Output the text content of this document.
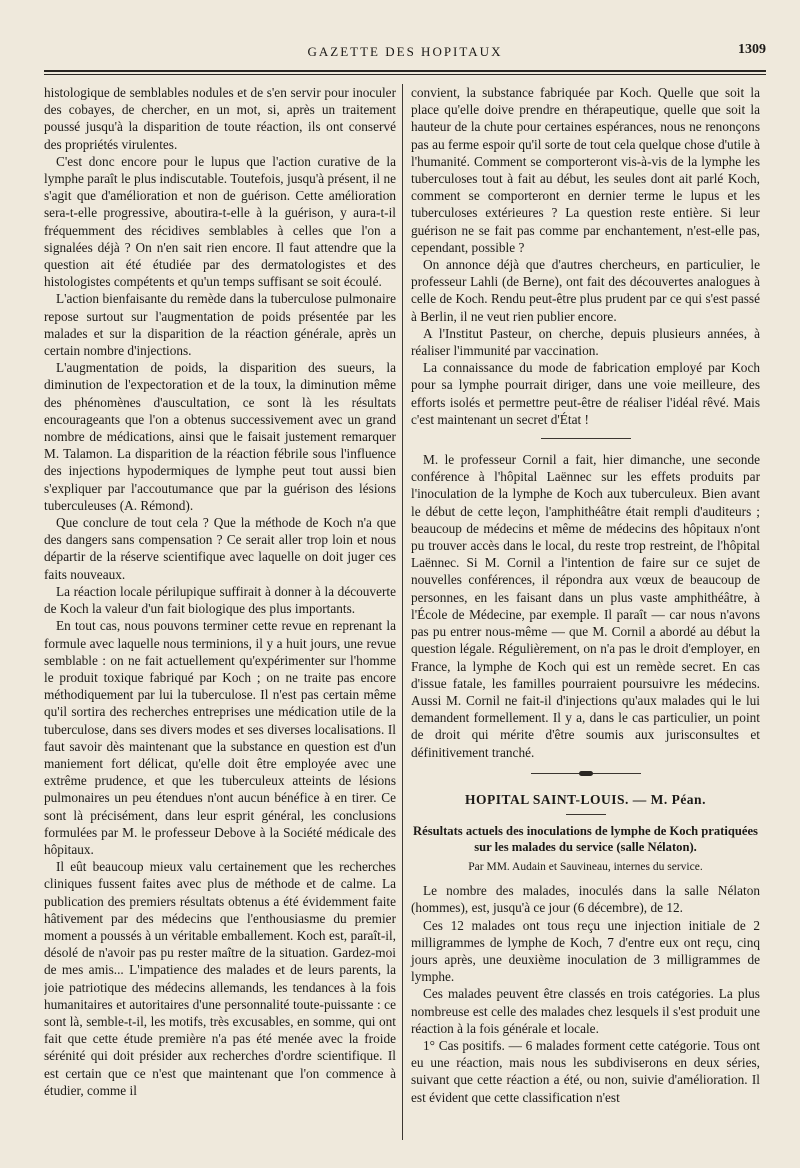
GAZETTE DES HOPITAUX	1309

histologique de semblables nodules et de s'en servir pour inoculer des cobayes, de chercher, en un mot, si, après un traitement poussé jusqu'à la disparition de toute réaction, ils ont conservé des propriétés virulentes.

C'est donc encore pour le lupus que l'action curative de la lymphe paraît le plus indiscutable. Toutefois, jusqu'à présent, il ne s'agit que d'amélioration et non de guérison. Cette amélioration sera-t-elle progressive, aboutira-t-elle à la guérison, y aura-t-il fréquemment des récidives semblables à celles que l'on a signalées déjà ? On n'en sait rien encore. Il faut attendre que la question ait été étudiée par des dermatologistes et des histologistes compétents et qu'un temps suffisant se soit écoulé.

L'action bienfaisante du remède dans la tuberculose pulmonaire repose surtout sur l'augmentation de poids présentée par les malades et sur la disparition de la réaction générale, après un certain nombre d'injections.

L'augmentation de poids, la disparition des sueurs, la diminution de l'expectoration et de la toux, la diminution même des phénomènes d'auscultation, ce sont là les résultats encourageants que l'on a obtenus successivement avec un grand nombre de médications, ainsi que le faisait justement remarquer M. Talamon. La disparition de la réaction fébrile sous l'influence des injections hypodermiques de lymphe peut tout aussi bien s'expliquer par l'accoutumance que par la guérison des lésions tuberculeuses (A. Rémond).

Que conclure de tout cela ? Que la méthode de Koch n'a que des dangers sans compensation ? Ce serait aller trop loin et nous départir de la réserve scientifique avec laquelle on doit juger ces faits nouveaux.

La réaction locale périlupique suffirait à donner à la découverte de Koch la valeur d'un fait biologique des plus importants.

En tout cas, nous pouvons terminer cette revue en reprenant la formule avec laquelle nous terminions, il y a huit jours, une revue semblable : on ne fait actuellement qu'expérimenter sur l'homme le produit toxique fabriqué par Koch ; on ne traite pas encore méthodiquement par lui la tuberculose. Il n'est pas certain même qu'il sortira des recherches entreprises une médication utile de la tuberculose, dans ses divers modes et ses diverses localisations. Il faut savoir dès maintenant que la substance en question est d'un maniement fort délicat, qu'elle doit être employée avec une extrême prudence, et que les tuberculeux atteints de lésions pulmonaires un peu étendues n'ont aucun bénéfice à en tirer. Ce sont là précisément, dans leur esprit général, les conclusions formulées par M. le professeur Debove à la Société médicale des hôpitaux.

Il eût beaucoup mieux valu certainement que les recherches cliniques fussent faites avec plus de méthode et de calme. La publication des premiers résultats obtenus a été évidemment faite hâtivement par des médecins que l'enthousiasme du premier moment a poussés à un véritable emballement. Koch est, paraît-il, désolé de n'avoir pas pu rester maître de la situation. Gardez-moi de mes amis... L'impatience des malades et de leurs parents, la joie patriotique des médecins allemands, les tendances à la fois humanitaires et autoritaires d'une personnalité toute-puissante : ce sont là, semble-t-il, les motifs, très excusables, en somme, qui ont fait que cette étude première n'a pas été menée avec la froide sérénité qui doit présider aux recherches d'ordre scientifique. Il est certain que ce n'est que maintenant que l'on commence à étudier, comme il

convient, la substance fabriquée par Koch. Quelle que soit la place qu'elle doive prendre en thérapeutique, quelle que soit la hauteur de la chute pour certaines espérances, nous ne renonçons pas au ferme espoir qu'il sorte de tout cela quelque chose d'utile à l'humanité. Comment se comporteront vis-à-vis de la lymphe les tuberculoses tout à fait au début, les seules dont ait parlé Koch, comment se comporteront en dernier terme le lupus et les tuberculoses extérieures ? La question reste entière. Si leur guérison ne se fait pas comme par enchantement, n'est-elle pas, cependant, possible ?

On annonce déjà que d'autres chercheurs, en particulier, le professeur Lahli (de Berne), ont fait des découvertes analogues à celle de Koch. Rendu peut-être plus prudent par ce qui s'est passé à Berlin, il ne veut rien publier encore.

A l'Institut Pasteur, on cherche, depuis plusieurs années, à réaliser l'immunité par vaccination.

La connaissance du mode de fabrication employé par Koch pour sa lymphe pourrait diriger, dans une voie meilleure, des efforts isolés et permettre peut-être de réaliser l'idéal rêvé. Mais c'est maintenant un secret d'État !

M. le professeur Cornil a fait, hier dimanche, une seconde conférence à l'hôpital Laënnec sur les effets produits par l'inoculation de la lymphe de Koch aux tuberculeux. Bien avant le début de cette leçon, l'amphithéâtre était rempli d'auditeurs ; beaucoup de médecins et même de médecins des hôpitaux n'ont pu trouver accès dans le local, du reste trop restreint, de l'hôpital Laënnec. Si M. Cornil a l'intention de faire sur ce sujet de nouvelles conférences, il répondra aux vœux de beaucoup de personnes, en les faisant dans un plus vaste amphithéâtre, à l'École de Médecine, par exemple. Il paraît — car nous n'avons pas pu entrer nous-même — que M. Cornil a abordé au début la question légale. Régulièrement, on n'a pas le droit d'employer, en France, la lymphe de Koch qui est un remède secret. En cas d'issue fatale, les familles pourraient poursuivre les médecins. Aussi M. Cornil ne fait-il d'injections qu'aux malades qui le lui demandent formellement. Il y a, dans le cas particulier, un point de droit qui mérite d'être soumis aux jurisconsultes et définitivement tranché.

HOPITAL SAINT-LOUIS. — M. Péan.
Résultats actuels des inoculations de lymphe de Koch pratiquées sur les malades du service (salle Nélaton).
Par MM. Audain et Sauvineau, internes du service.

Le nombre des malades, inoculés dans la salle Nélaton (hommes), est, jusqu'à ce jour (6 décembre), de 12.

Ces 12 malades ont tous reçu une injection initiale de 2 milligrammes de lymphe de Koch, 7 d'entre eux ont reçu, cinq jours après, une deuxième inoculation de 3 milligrammes de lymphe.

Ces malades peuvent être classés en trois catégories. La plus nombreuse est celle des malades chez lesquels il s'est produit une réaction à la fois générale et locale.

1° Cas positifs. — 6 malades forment cette catégorie. Tous ont eu une réaction, mais nous les subdiviserons en deux séries, suivant que cette réaction a été, ou non, suivie d'amélioration. Il est évident que cette classification n'est
